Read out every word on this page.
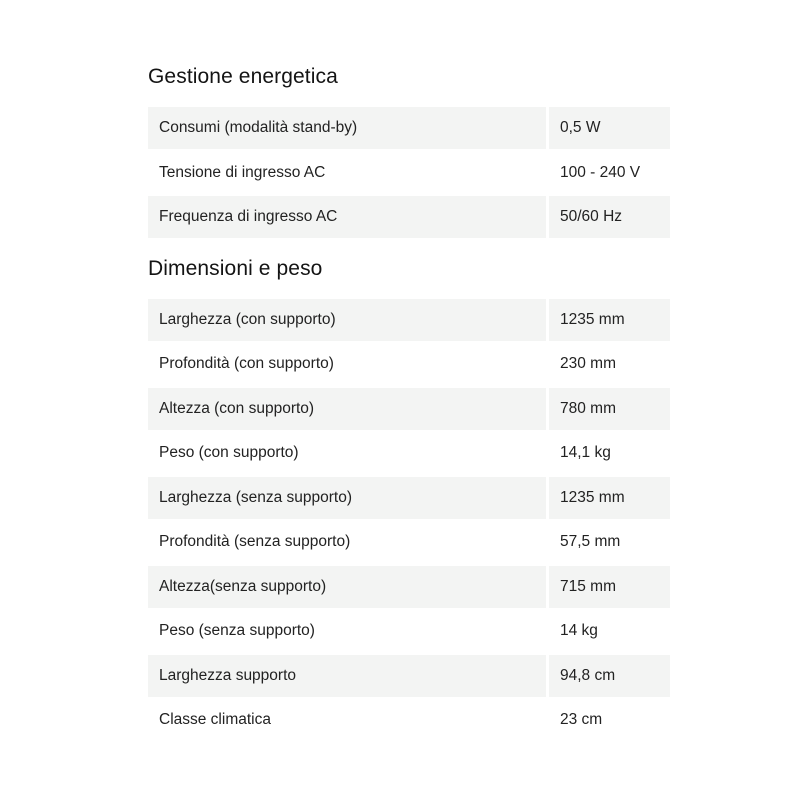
Gestione energetica
Consumi (modalità stand-by)	0,5 W
Tensione di ingresso AC	100 - 240 V
Frequenza di ingresso AC	50/60 Hz
Dimensioni e peso
Larghezza (con supporto)	1235 mm
Profondità (con supporto)	230 mm
Altezza (con supporto)	780 mm
Peso (con supporto)	14,1 kg
Larghezza (senza supporto)	1235 mm
Profondità (senza supporto)	57,5 mm
Altezza(senza supporto)	715 mm
Peso (senza supporto)	14 kg
Larghezza supporto	94,8 cm
Classe climatica	23 cm
